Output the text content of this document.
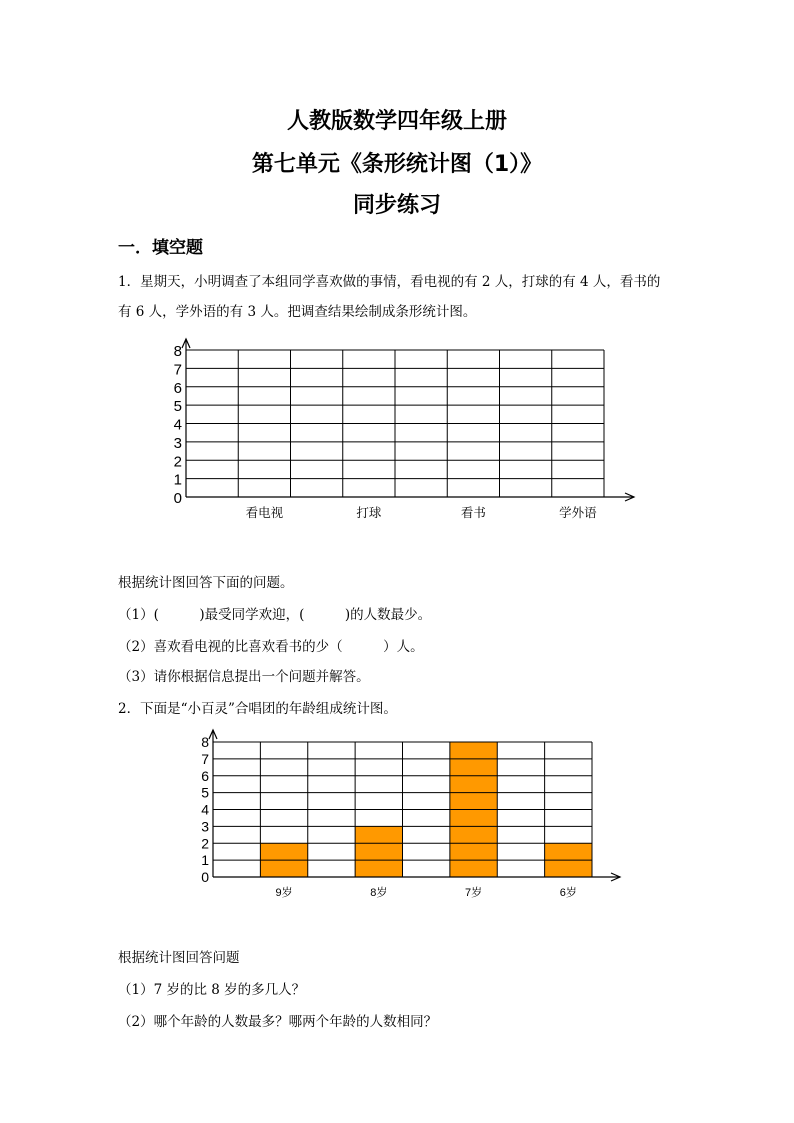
人教版数学四年级上册
第七单元《条形统计图（1）》
同步练习
一．填空题
1．星期天，小明调查了本组同学喜欢做的事情，看电视的有 2 人，打球的有 4 人，看书的
有 6 人，学外语的有 3 人。把调查结果绘制成条形统计图。
0
1
2
3
4
5
6
7
8
看电视	打球	看书	学外语
根据统计图回答下面的问题。
（1）(　　　)最受同学欢迎，(　　　)的人数最少。
（2）喜欢看电视的比喜欢看书的少（　　　）人。
（3）请你根据信息提出一个问题并解答。
2．下面是“小百灵”合唱团的年龄组成统计图。
0
1
2
3
4
5
6
7
8
9岁	8岁	7岁	6岁
根据统计图回答问题
（1）7 岁的比 8 岁的多几人？
（2）哪个年龄的人数最多？哪两个年龄的人数相同？
